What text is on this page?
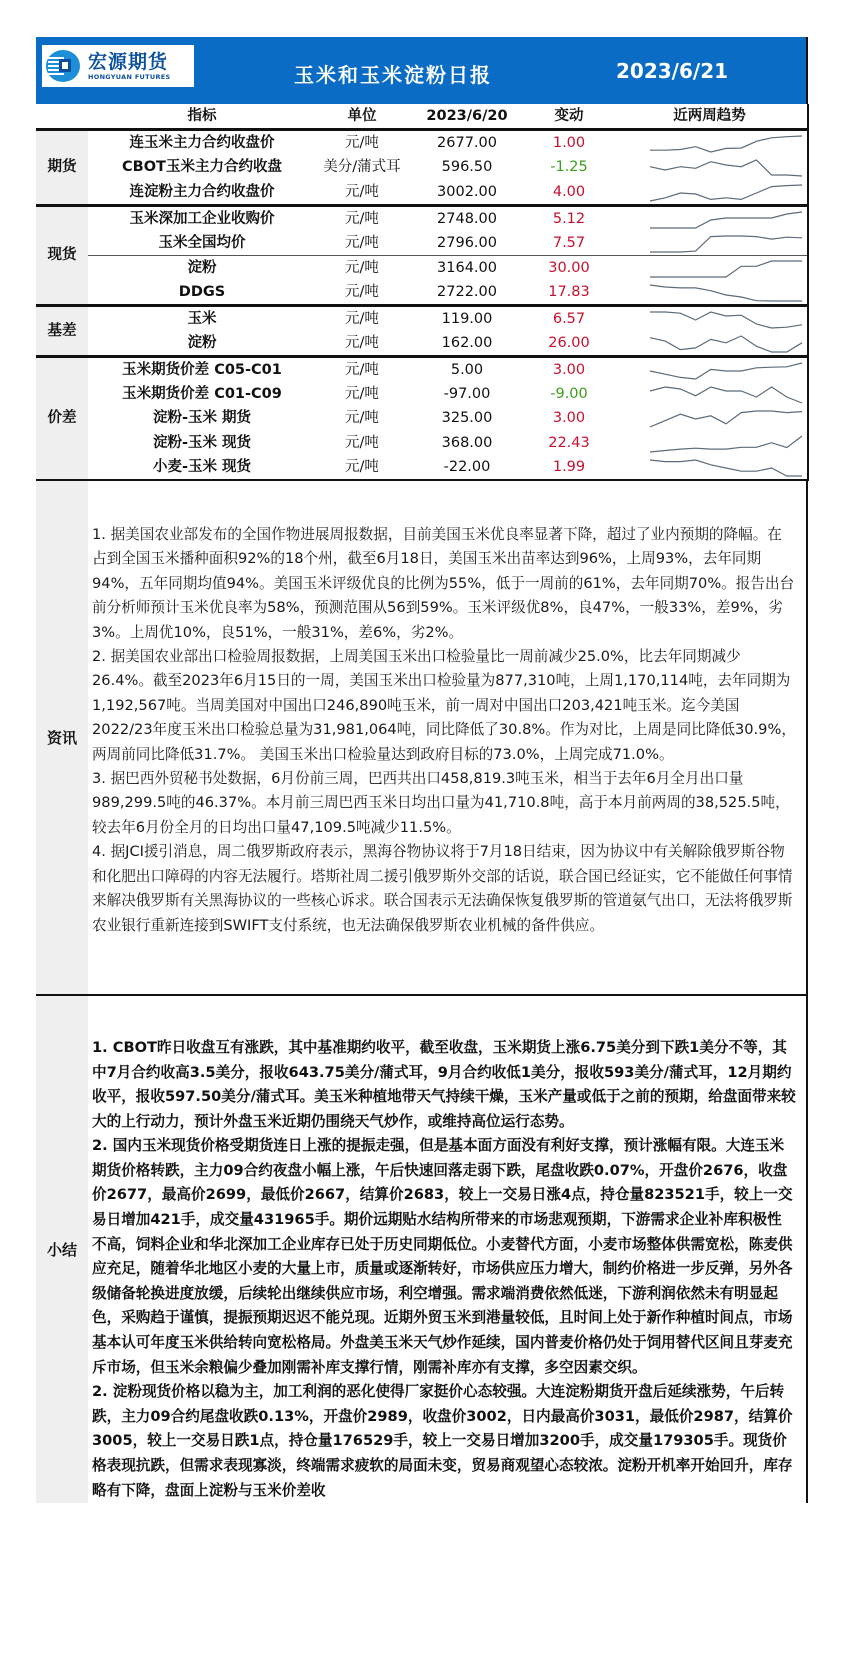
宏源期货
HONGYUAN FUTURES	玉米和玉米淀粉日报	2023/6/21
	指标	单位	2023/6/20	变动	近两周趋势
期货	连玉米主力合约收盘价	元/吨	2677.00	1.00	

	CBOT玉米主力合约收盘	美分/蒲式耳	596.50	-1.25	

	连淀粉主力合约收盘价	元/吨	3002.00	4.00	

现货	玉米深加工企业收购价	元/吨	2748.00	5.12	

	玉米全国均价	元/吨	2796.00	7.57	

	淀粉	元/吨	3164.00	30.00	

	DDGS	元/吨	2722.00	17.83	

基差	玉米	元/吨	119.00	6.57	

	淀粉	元/吨	162.00	26.00	

价差	玉米期货价差 C05-C01	元/吨	5.00	3.00	

	玉米期货价差 C01-C09	元/吨	-97.00	-9.00	

	淀粉-玉米 期货	元/吨	325.00	3.00	

	淀粉-玉米 现货	元/吨	368.00	22.43	

	小麦-玉米 现货	元/吨	-22.00	1.99	
资讯
1. 据美国农业部发布的全国作物进展周报数据，目前美国玉米优良率显著下降，超过了业内预期的降幅。在占到全国玉米播种面积92%的18个州，截至6月18日，美国玉米出苗率达到96%，上周93%，去年同期94%，五年同期均值94%。美国玉米评级优良的比例为55%，低于一周前的61%，去年同期70%。报告出台前分析师预计玉米优良率为58%，预测范围从56到59%。玉米评级优8%，良47%，一般33%，差9%，劣3%。上周优10%，良51%，一般31%，差6%，劣2%。
2. 据美国农业部出口检验周报数据，上周美国玉米出口检验量比一周前减少25.0%，比去年同期减少26.4%。截至2023年6月15日的一周，美国玉米出口检验量为877,310吨，上周1,170,114吨，去年同期为1,192,567吨。当周美国对中国出口246,890吨玉米，前一周对中国出口203,421吨玉米。迄今美国2022/23年度玉米出口检验总量为31,981,064吨，同比降低了30.8%。作为对比，上周是同比降低30.9%，两周前同比降低31.7%。 美国玉米出口检验量达到政府目标的73.0%，上周完成71.0%。
3. 据巴西外贸秘书处数据，6月份前三周，巴西共出口458,819.3吨玉米，相当于去年6月全月出口量989,299.5吨的46.37%。本月前三周巴西玉米日均出口量为41,710.8吨，高于本月前两周的38,525.5吨，较去年6月份全月的日均出口量47,109.5吨减少11.5%。
4. 据JCI援引消息，周二俄罗斯政府表示，黑海谷物协议将于7月18日结束，因为协议中有关解除俄罗斯谷物和化肥出口障碍的内容无法履行。塔斯社周二援引俄罗斯外交部的话说，联合国已经证实，它不能做任何事情来解决俄罗斯有关黑海协议的一些核心诉求。联合国表示无法确保恢复俄罗斯的管道氨气出口，无法将俄罗斯农业银行重新连接到SWIFT支付系统，也无法确保俄罗斯农业机械的备件供应。
小结
1. CBOT昨日收盘互有涨跌，其中基准期约收平，截至收盘，玉米期货上涨6.75美分到下跌1美分不等，其中7月合约收高3.5美分，报收643.75美分/蒲式耳，9月合约收低1美分，报收593美分/蒲式耳，12月期约收平，报收597.50美分/蒲式耳。美玉米种植地带天气持续干燥，玉米产量或低于之前的预期，给盘面带来较大的上行动力，预计外盘玉米近期仍围绕天气炒作，或维持高位运行态势。
2. 国内玉米现货价格受期货连日上涨的提振走强，但是基本面方面没有利好支撑，预计涨幅有限。大连玉米期货价格转跌，主力09合约夜盘小幅上涨，午后快速回落走弱下跌，尾盘收跌0.07%，开盘价2676，收盘价2677，最高价2699，最低价2667，结算价2683，较上一交易日涨4点，持仓量823521手，较上一交易日增加421手，成交量431965手。期价远期贴水结构所带来的市场悲观预期，下游需求企业补库积极性不高，饲料企业和华北深加工企业库存已处于历史同期低位。小麦替代方面，小麦市场整体供需宽松，陈麦供应充足，随着华北地区小麦的大量上市，质量或逐渐转好，市场供应压力增大，制约价格进一步反弹，另外各级储备轮换进度放缓，后续轮出继续供应市场，利空增强。需求端消费依然低迷，下游利润依然未有明显起色，采购趋于谨慎，提振预期迟迟不能兑现。近期外贸玉米到港量较低，且时间上处于新作种植时间点，市场基本认可年度玉米供给转向宽松格局。外盘美玉米天气炒作延续，国内普麦价格仍处于饲用替代区间且芽麦充斥市场，但玉米余粮偏少叠加刚需补库支撑行情，刚需补库亦有支撑，多空因素交织。
2. 淀粉现货价格以稳为主，加工利润的恶化使得厂家挺价心态较强。大连淀粉期货开盘后延续涨势，午后转跌，主力09合约尾盘收跌0.13%，开盘价2989，收盘价3002，日内最高价3031，最低价2987，结算价3005，较上一交易日跌1点，持仓量176529手，较上一交易日增加3200手，成交量179305手。现货价格表现抗跌，但需求表现寡淡，终端需求疲软的局面未变，贸易商观望心态较浓。淀粉开机率开始回升，库存略有下降，盘面上淀粉与玉米价差收
